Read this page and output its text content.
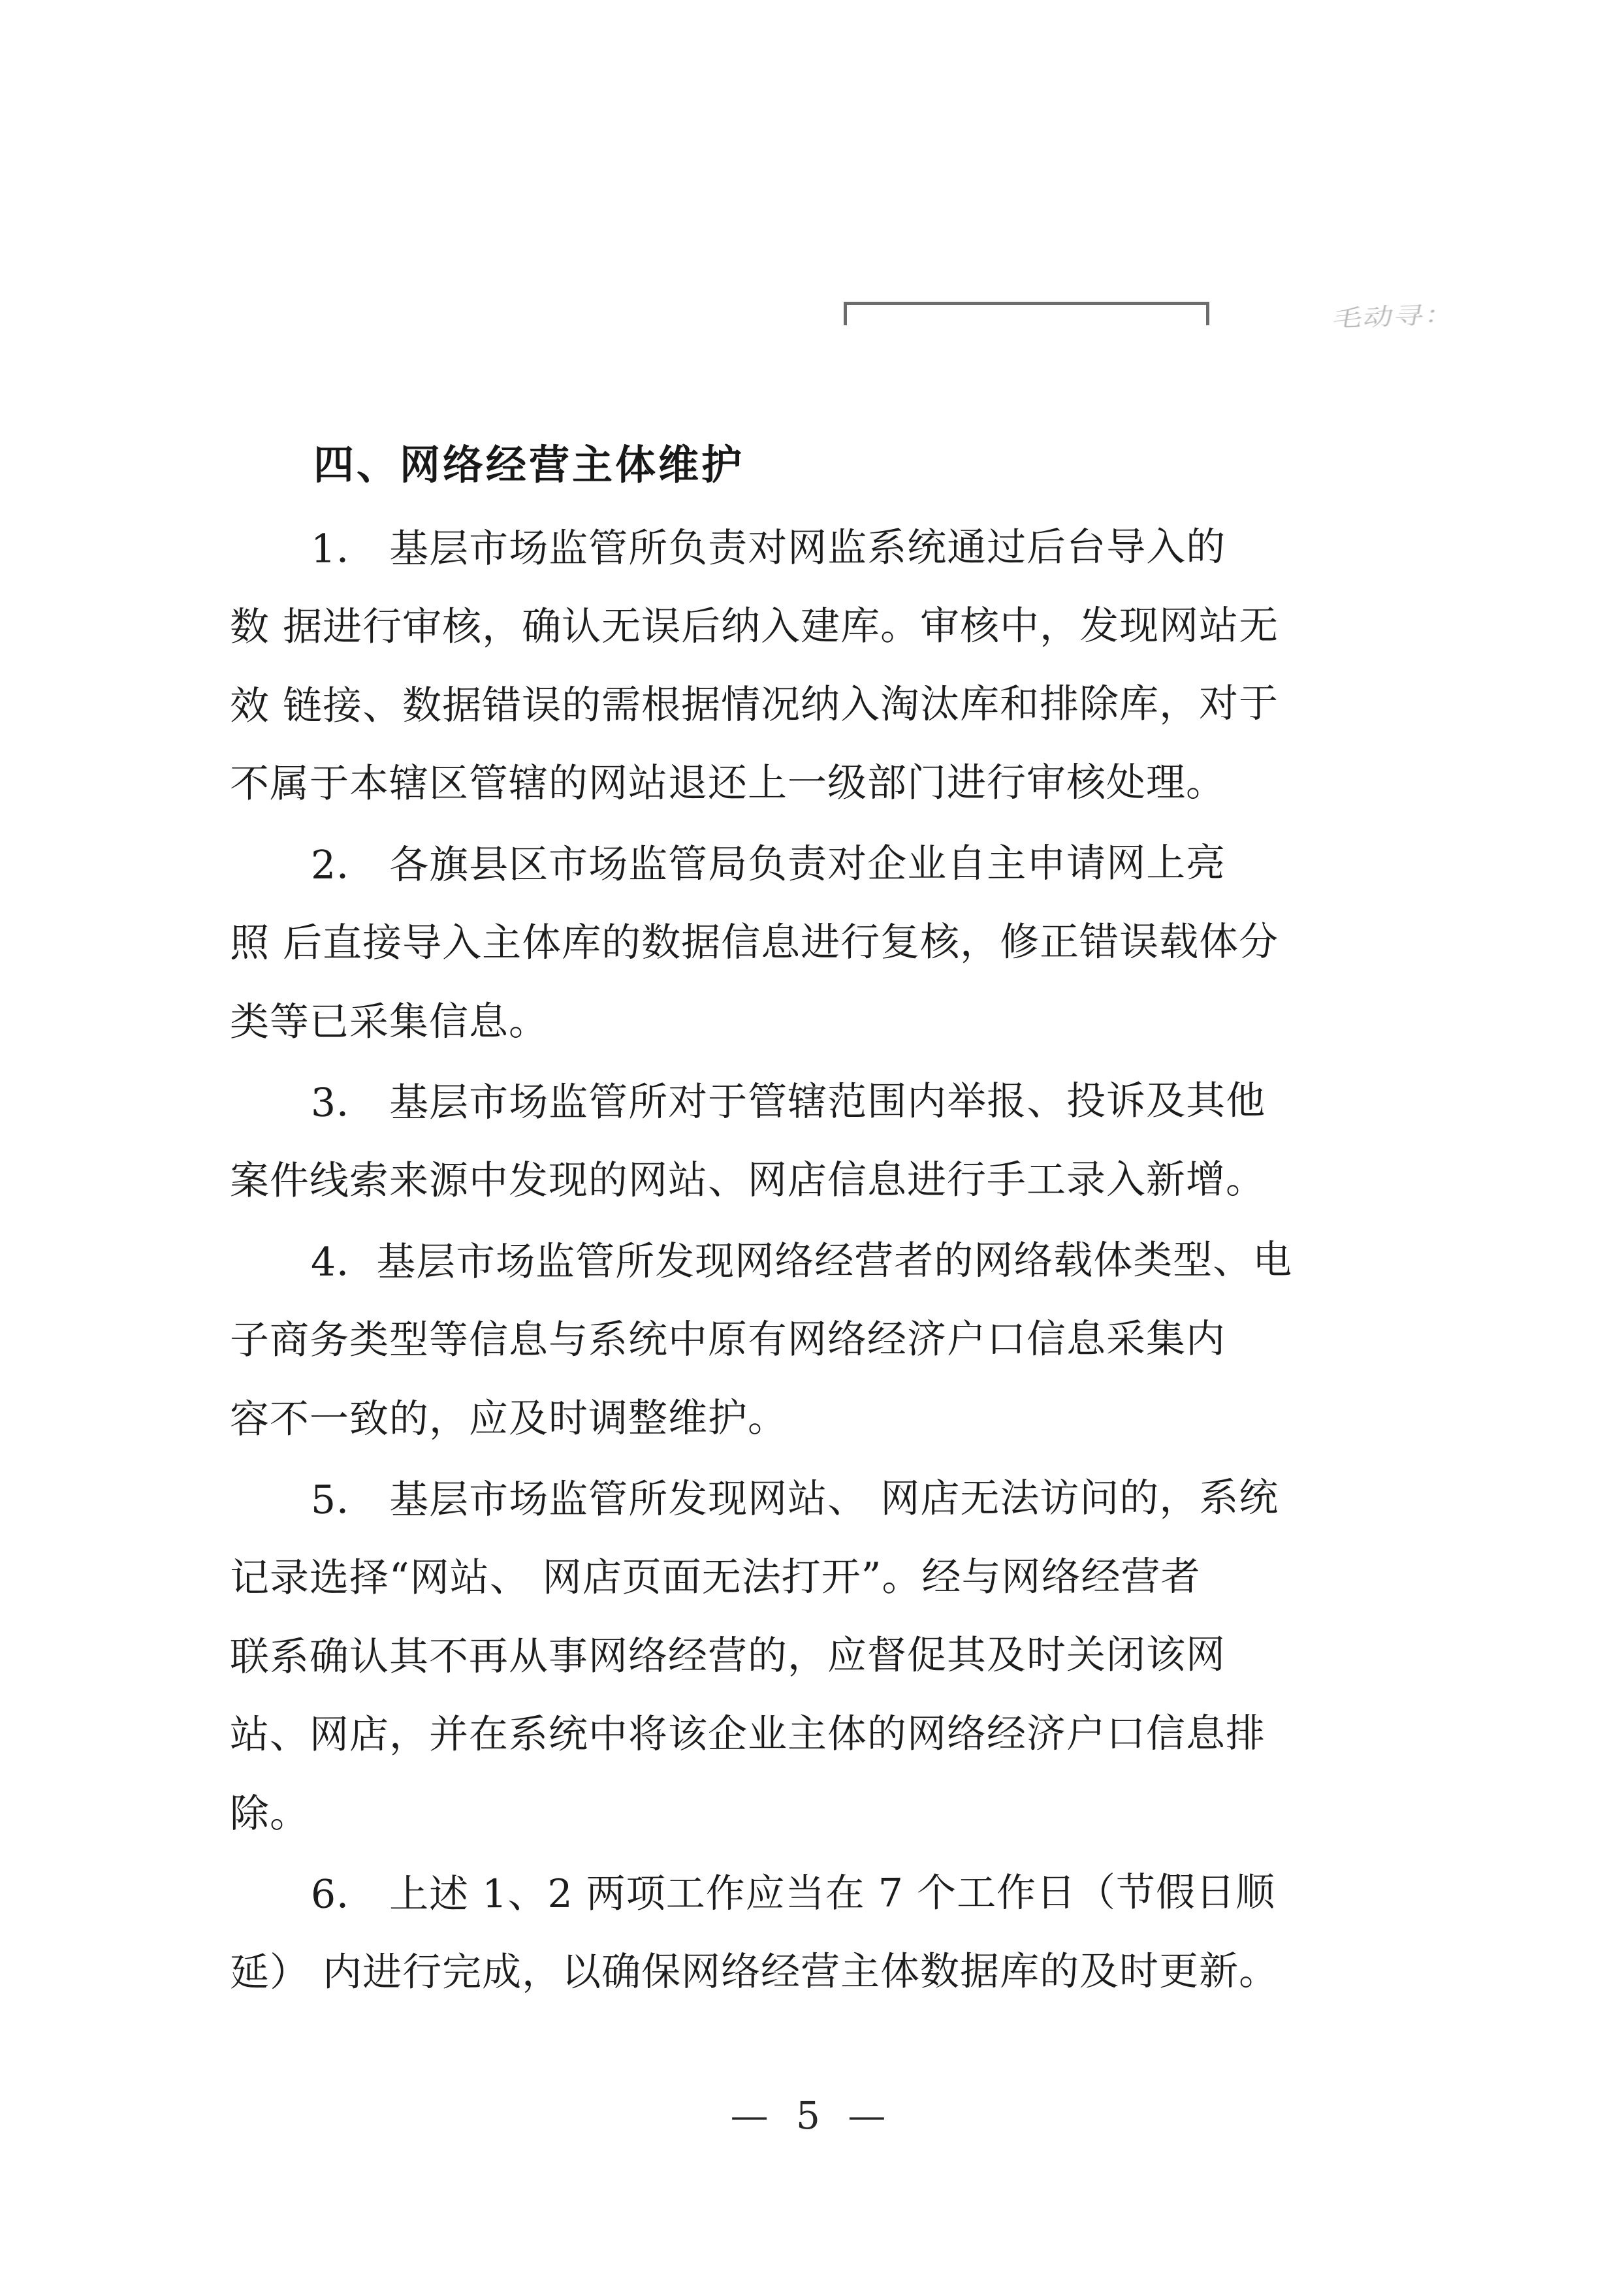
毛动寻：
四、网络经营主体维护
1． 基层市场监管所负责对网监系统通过后台导入的
数 据进行审核，确认无误后纳入建库。审核中，发现网站无
效 链接、数据错误的需根据情况纳入淘汰库和排除库，对于
不属于本辖区管辖的网站退还上一级部门进行审核处理。
2． 各旗县区市场监管局负责对企业自主申请网上亮
照 后直接导入主体库的数据信息进行复核，修正错误载体分
类等已采集信息。
3． 基层市场监管所对于管辖范围内举报、投诉及其他
案件线索来源中发现的网站、网店信息进行手工录入新增。
4．基层市场监管所发现网络经营者的网络载体类型、电
子商务类型等信息与系统中原有网络经济户口信息采集内
容不一致的，应及时调整维护。
5． 基层市场监管所发现网站、 网店无法访问的，系统
记录选择“网站、 网店页面无法打开”。经与网络经营者
联系确认其不再从事网络经营的，应督促其及时关闭该网
站、网店，并在系统中将该企业主体的网络经济户口信息排
除。
6． 上述 1、2 两项工作应当在 7 个工作日（节假日顺
延） 内进行完成，以确保网络经营主体数据库的及时更新。
— 5 —
